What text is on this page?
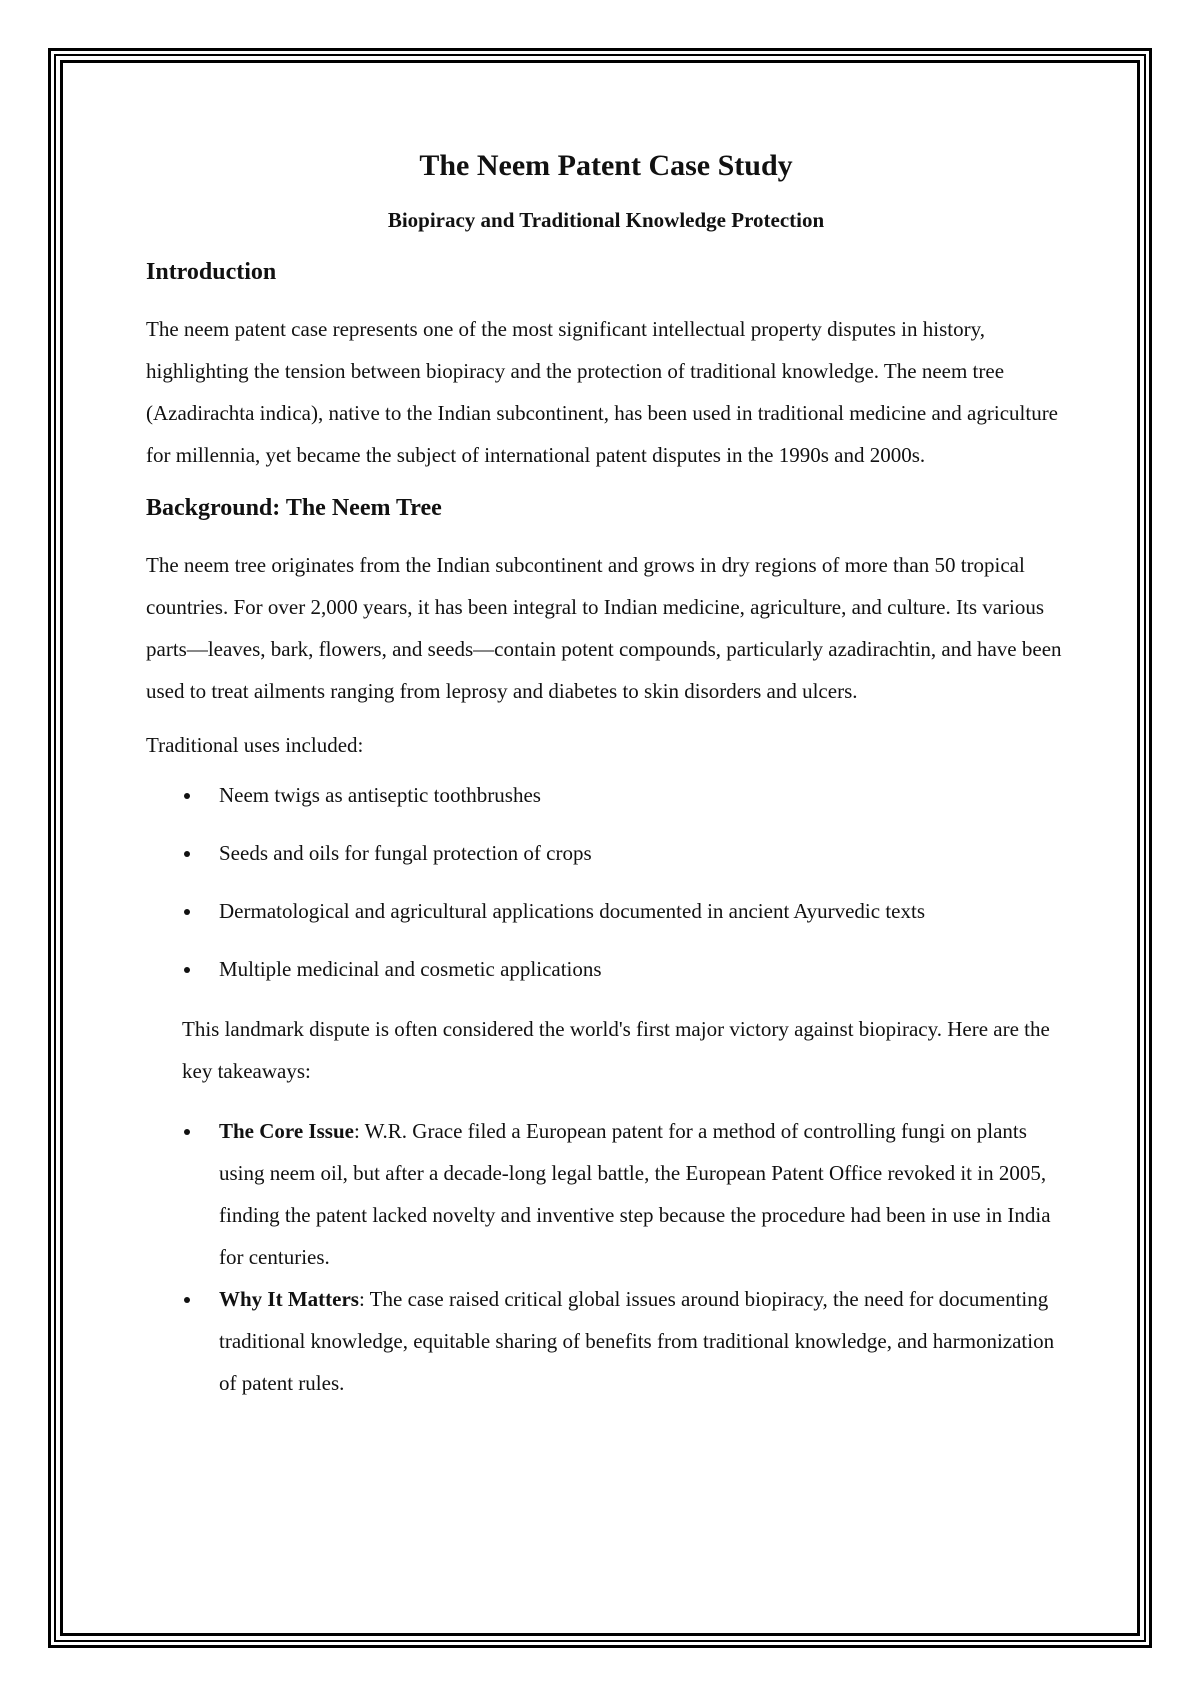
The Neem Patent Case Study
Biopiracy and Traditional Knowledge Protection
Introduction

The neem patent case represents one of the most significant intellectual property disputes in history, highlighting the tension between biopiracy and the protection of traditional knowledge. The neem tree (Azadirachta indica), native to the Indian subcontinent, has been used in traditional medicine and agriculture for millennia, yet became the subject of international patent disputes in the 1990s and 2000s.

Background: The Neem Tree

The neem tree originates from the Indian subcontinent and grows in dry regions of more than 50 tropical countries. For over 2,000 years, it has been integral to Indian medicine, agriculture, and culture. Its various parts—leaves, bark, flowers, and seeds—contain potent compounds, particularly azadirachtin, and have been used to treat ailments ranging from leprosy and diabetes to skin disorders and ulcers.

Traditional uses included:

Neem twigs as antiseptic toothbrushes
Seeds and oils for fungal protection of crops
Dermatological and agricultural applications documented in ancient Ayurvedic texts
Multiple medicinal and cosmetic applications

This landmark dispute is often considered the world's first major victory against biopiracy. Here are the key takeaways:

The Core Issue: W.R. Grace filed a European patent for a method of controlling fungi on plants using neem oil, but after a decade-long legal battle, the European Patent Office revoked it in 2005, finding the patent lacked novelty and inventive step because the procedure had been in use in India for centuries.
Why It Matters: The case raised critical global issues around biopiracy, the need for documenting traditional knowledge, equitable sharing of benefits from traditional knowledge, and harmonization of patent rules.
